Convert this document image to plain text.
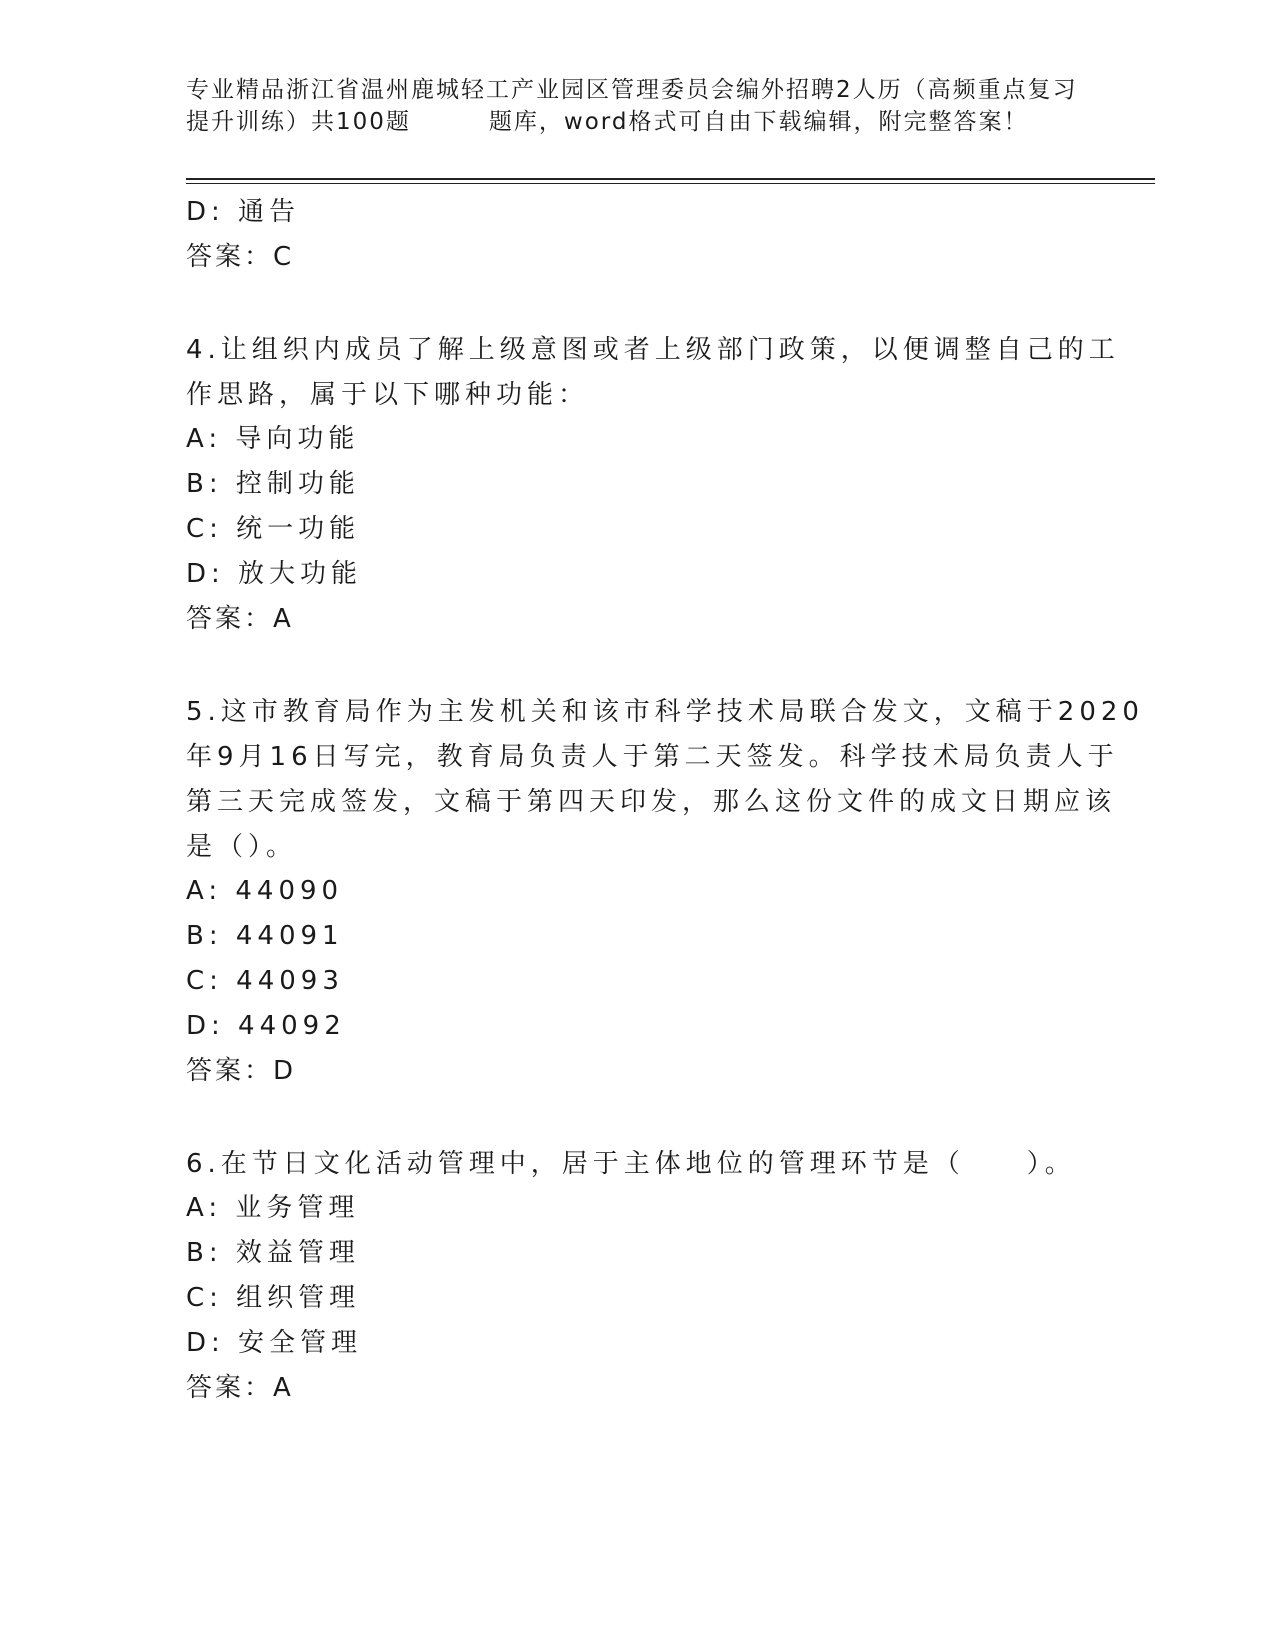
专业精品浙江省温州鹿城轻工产业园区管理委员会编外招聘2人历（高频重点复习
提升训练）共100题	题库，word格式可自由下载编辑，附完整答案！
D: 通告
答案：C
4.让组织内成员了解上级意图或者上级部门政策，以便调整自己的工
作思路，属于以下哪种功能：
A: 导向功能
B: 控制功能
C: 统一功能
D: 放大功能
答案：A
5.这市教育局作为主发机关和该市科学技术局联合发文，文稿于2020
年9月16日写完，教育局负责人于第二天签发。科学技术局负责人于
第三天完成签发，文稿于第四天印发，那么这份文件的成文日期应该
是（）。
A: 44090
B: 44091
C: 44093
D: 44092
答案：D
6.在节日文化活动管理中，居于主体地位的管理环节是（　　）。
A: 业务管理
B: 效益管理
C: 组织管理
D: 安全管理
答案：A
